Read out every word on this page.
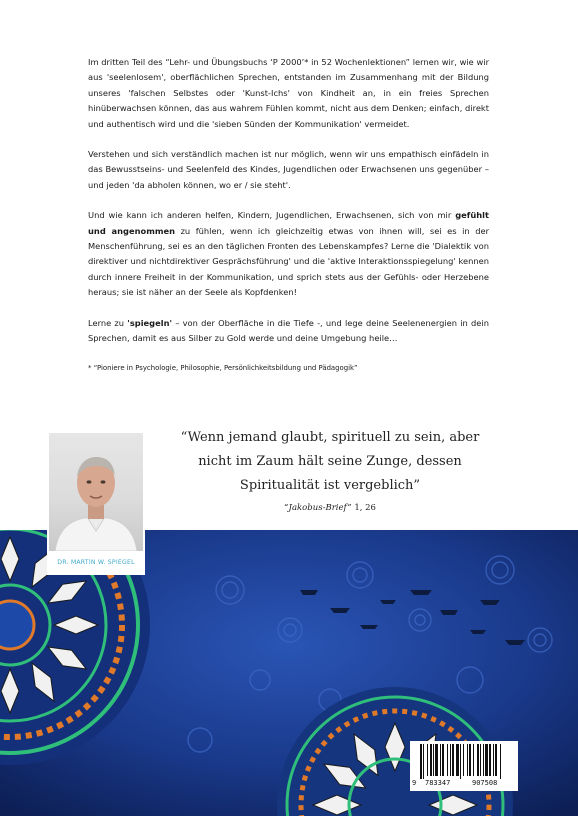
Im dritten Teil des “Lehr- und Übungsbuchs ‘P 2000’* in 52 Wochenlektionen” lernen wir, wie wir aus 'seelenlosem', oberflächlichen Sprechen, entstanden im Zusammenhang mit der Bildung unseres 'falschen Selbstes oder 'Kunst-Ichs' von Kindheit an, in ein freies Sprechen hinüberwachsen können, das aus wahrem Fühlen kommt, nicht aus dem Denken; einfach, direkt und authentisch wird und die 'sieben Sünden der Kommunikation' vermeidet.

Verstehen und sich verständlich machen ist nur möglich, wenn wir uns empathisch einfädeln in das Bewusstseins- und Seelenfeld des Kindes, Jugendlichen oder Erwachsenen uns gegenüber – und jeden 'da abholen können, wo er / sie steht'.

Und wie kann ich anderen helfen, Kindern, Jugendlichen, Erwachsenen, sich von mir gefühlt und angenommen zu fühlen, wenn ich gleichzeitig etwas von ihnen will, sei es in der Menschenführung, sei es an den täglichen Fronten des Lebenskampfes? Lerne die 'Dialektik von direktiver und nichtdirektiver Gesprächsführung' und die 'aktive Interaktionsspiegelung' kennen durch innere Freiheit in der Kommunikation, und sprich stets aus der Gefühls- oder Herzebene heraus; sie ist näher an der Seele als Kopfdenken!

Lerne zu 'spiegeln' – von der Oberfläche in die Tiefe -, und lege deine Seelenenergien in dein Sprechen, damit es aus Silber zu Gold werde und deine Umgebung heile…

* “Pioniere in Psychologie, Philosophie, Persönlichkeitsbildung und Pädagogik”

“Wenn jemand glaubt, spirituell zu sein, aber
nicht im Zaum hält seine Zunge, dessen
Spiritualität ist vergeblich”
“Jakobus-Brief” 1, 26
DR. MARTIN W. SPIEGEL
9 783347	907508
